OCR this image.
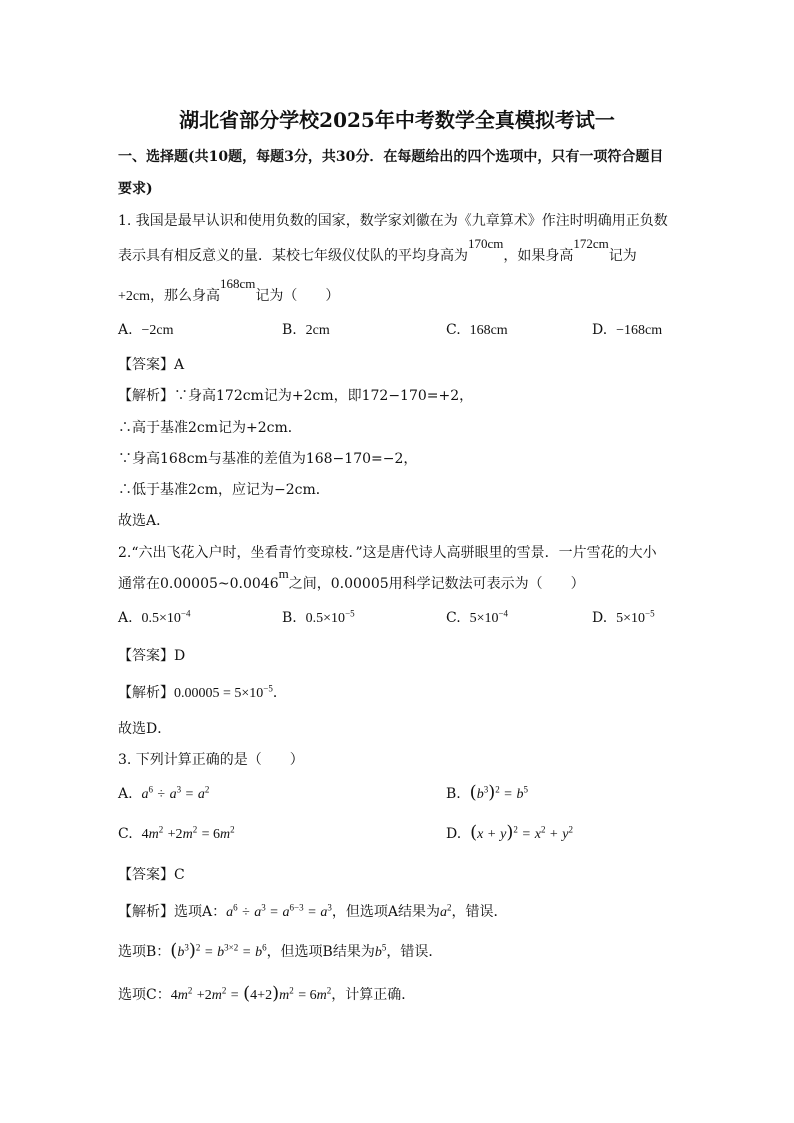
湖北省部分学校2025年中考数学全真模拟考试一
一、选择题(共10题，每题3分，共30分．在每题给出的四个选项中，只有一项符合题目
要求)
1. 我国是最早认识和使用负数的国家，数学家刘徽在为《九章算术》作注时明确用正负数
表示具有相反意义的量．某校七年级仪仗队的平均身高为$^{170cm}$，如果身高$^{172cm}$记为
+2cm，那么身高$^{168cm}$记为（　　）
A. −2cm	B. 2cm	C. 168cm	D. −168cm
【答案】A
【解析】∵身高172cm记为+2cm，即172−170=+2，
∴高于基准2cm记为+2cm．
∵身高168cm与基准的差值为168−170=−2，
∴低于基准2cm，应记为−2cm．
故选A．
2.“六出飞花入户时，坐看青竹变琼枝．”这是唐代诗人高骈眼里的雪景．一片雪花的大小
通常在0.00005~0.0046$^m$之间，0.00005用科学记数法可表示为（　　）
A. $0.5\times 10^{-4}$	B. $0.5\times 10^{-5}$	C. $5\times 10^{-4}$	D. $5\times 10^{-5}$
【答案】D
【解析】$0.00005 = 5\times 10^{-5}$．
故选D．
3. 下列计算正确的是（　　）
A. $a^6 \div a^3 = a^2$	B. $(b^3)^2 = b^5$
C. $4m^2 +2m^2 = 6m^2$	D. $(x + y)^2 = x^2 + y^2$
【答案】C
【解析】选项A：$a^6 \div a^3 = a^{6-3} = a^3$，但选项A结果为$a^2$，错误．
选项B：$(b^3)^2 = b^{3\times 2} = b^6$，但选项B结果为$b^5$，错误．
选项C：$4m^2 +2m^2 = (4+2)m^2 = 6m^2$，计算正确．
